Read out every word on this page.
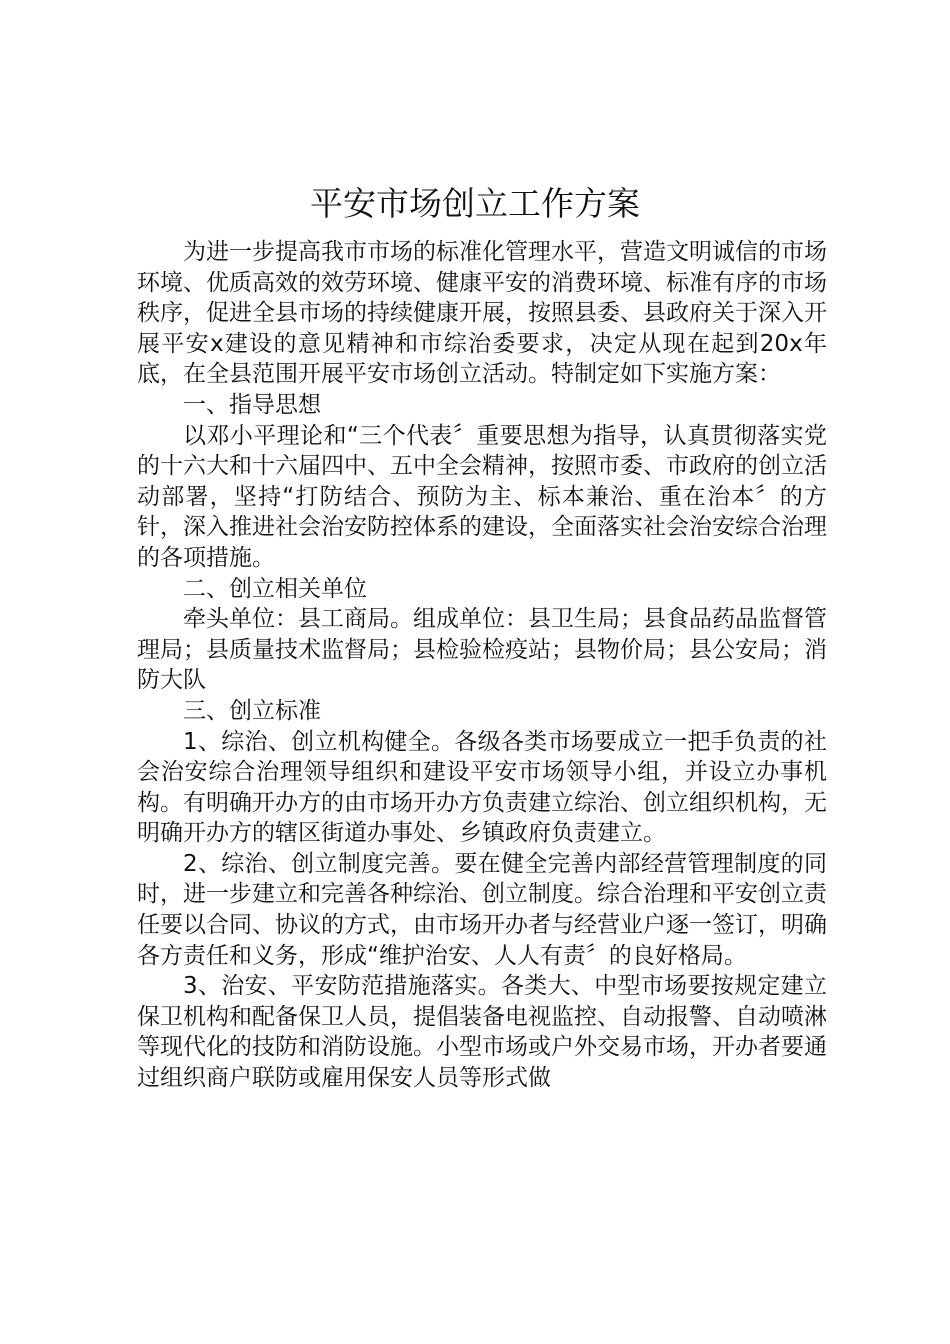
平安市场创立工作方案

为进一步提高我市市场的标准化管理水平，营造文明诚信的市场环境、优质高效的效劳环境、健康平安的消费环境、标准有序的市场秩序，促进全县市场的持续健康开展，按照县委、县政府关于深入开展平安x建设的意见精神和市综治委要求，决定从现在起到20x年底，在全县范围开展平安市场创立活动。特制定如下实施方案：

一、指导思想

以邓小平理论和“三个代表〞重要思想为指导，认真贯彻落实党的十六大和十六届四中、五中全会精神，按照市委、市政府的创立活动部署，坚持“打防结合、预防为主、标本兼治、重在治本〞的方针，深入推进社会治安防控体系的建设，全面落实社会治安综合治理的各项措施。

二、创立相关单位

牵头单位：县工商局。组成单位：县卫生局；县食品药品监督管理局；县质量技术监督局；县检验检疫站；县物价局；县公安局；消防大队

三、创立标准

1、综治、创立机构健全。各级各类市场要成立一把手负责的社会治安综合治理领导组织和建设平安市场领导小组，并设立办事机构。有明确开办方的由市场开办方负责建立综治、创立组织机构，无明确开办方的辖区街道办事处、乡镇政府负责建立。

2、综治、创立制度完善。要在健全完善内部经营管理制度的同时，进一步建立和完善各种综治、创立制度。综合治理和平安创立责任要以合同、协议的方式，由市场开办者与经营业户逐一签订，明确各方责任和义务，形成“维护治安、人人有责〞的良好格局。

3、治安、平安防范措施落实。各类大、中型市场要按规定建立保卫机构和配备保卫人员，提倡装备电视监控、自动报警、自动喷淋等现代化的技防和消防设施。小型市场或户外交易市场，开办者要通过组织商户联防或雇用保安人员等形式做
